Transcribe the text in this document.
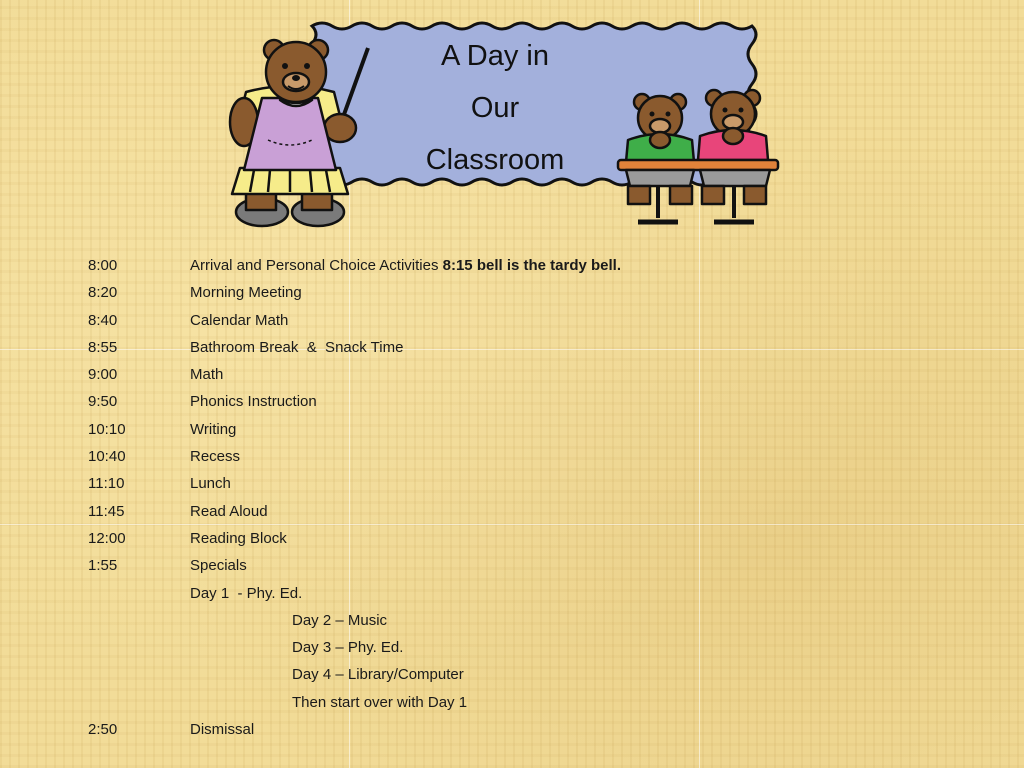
A Day in
Our
Classroom
8:00	Arrival and Personal Choice Activities 8:15 bell is the tardy bell.
8:20	Morning Meeting
8:40	Calendar Math
8:55	Bathroom Break  &  Snack Time
9:00	Math
9:50	Phonics Instruction
10:10	Writing
10:40	Recess
11:10	Lunch
11:45	Read Aloud
12:00	Reading Block
1:55	Specials
Day 1  - Phy. Ed.
Day 2 – Music
Day 3 – Phy. Ed.
Day 4 – Library/Computer
Then start over with Day 1
2:50	Dismissal
